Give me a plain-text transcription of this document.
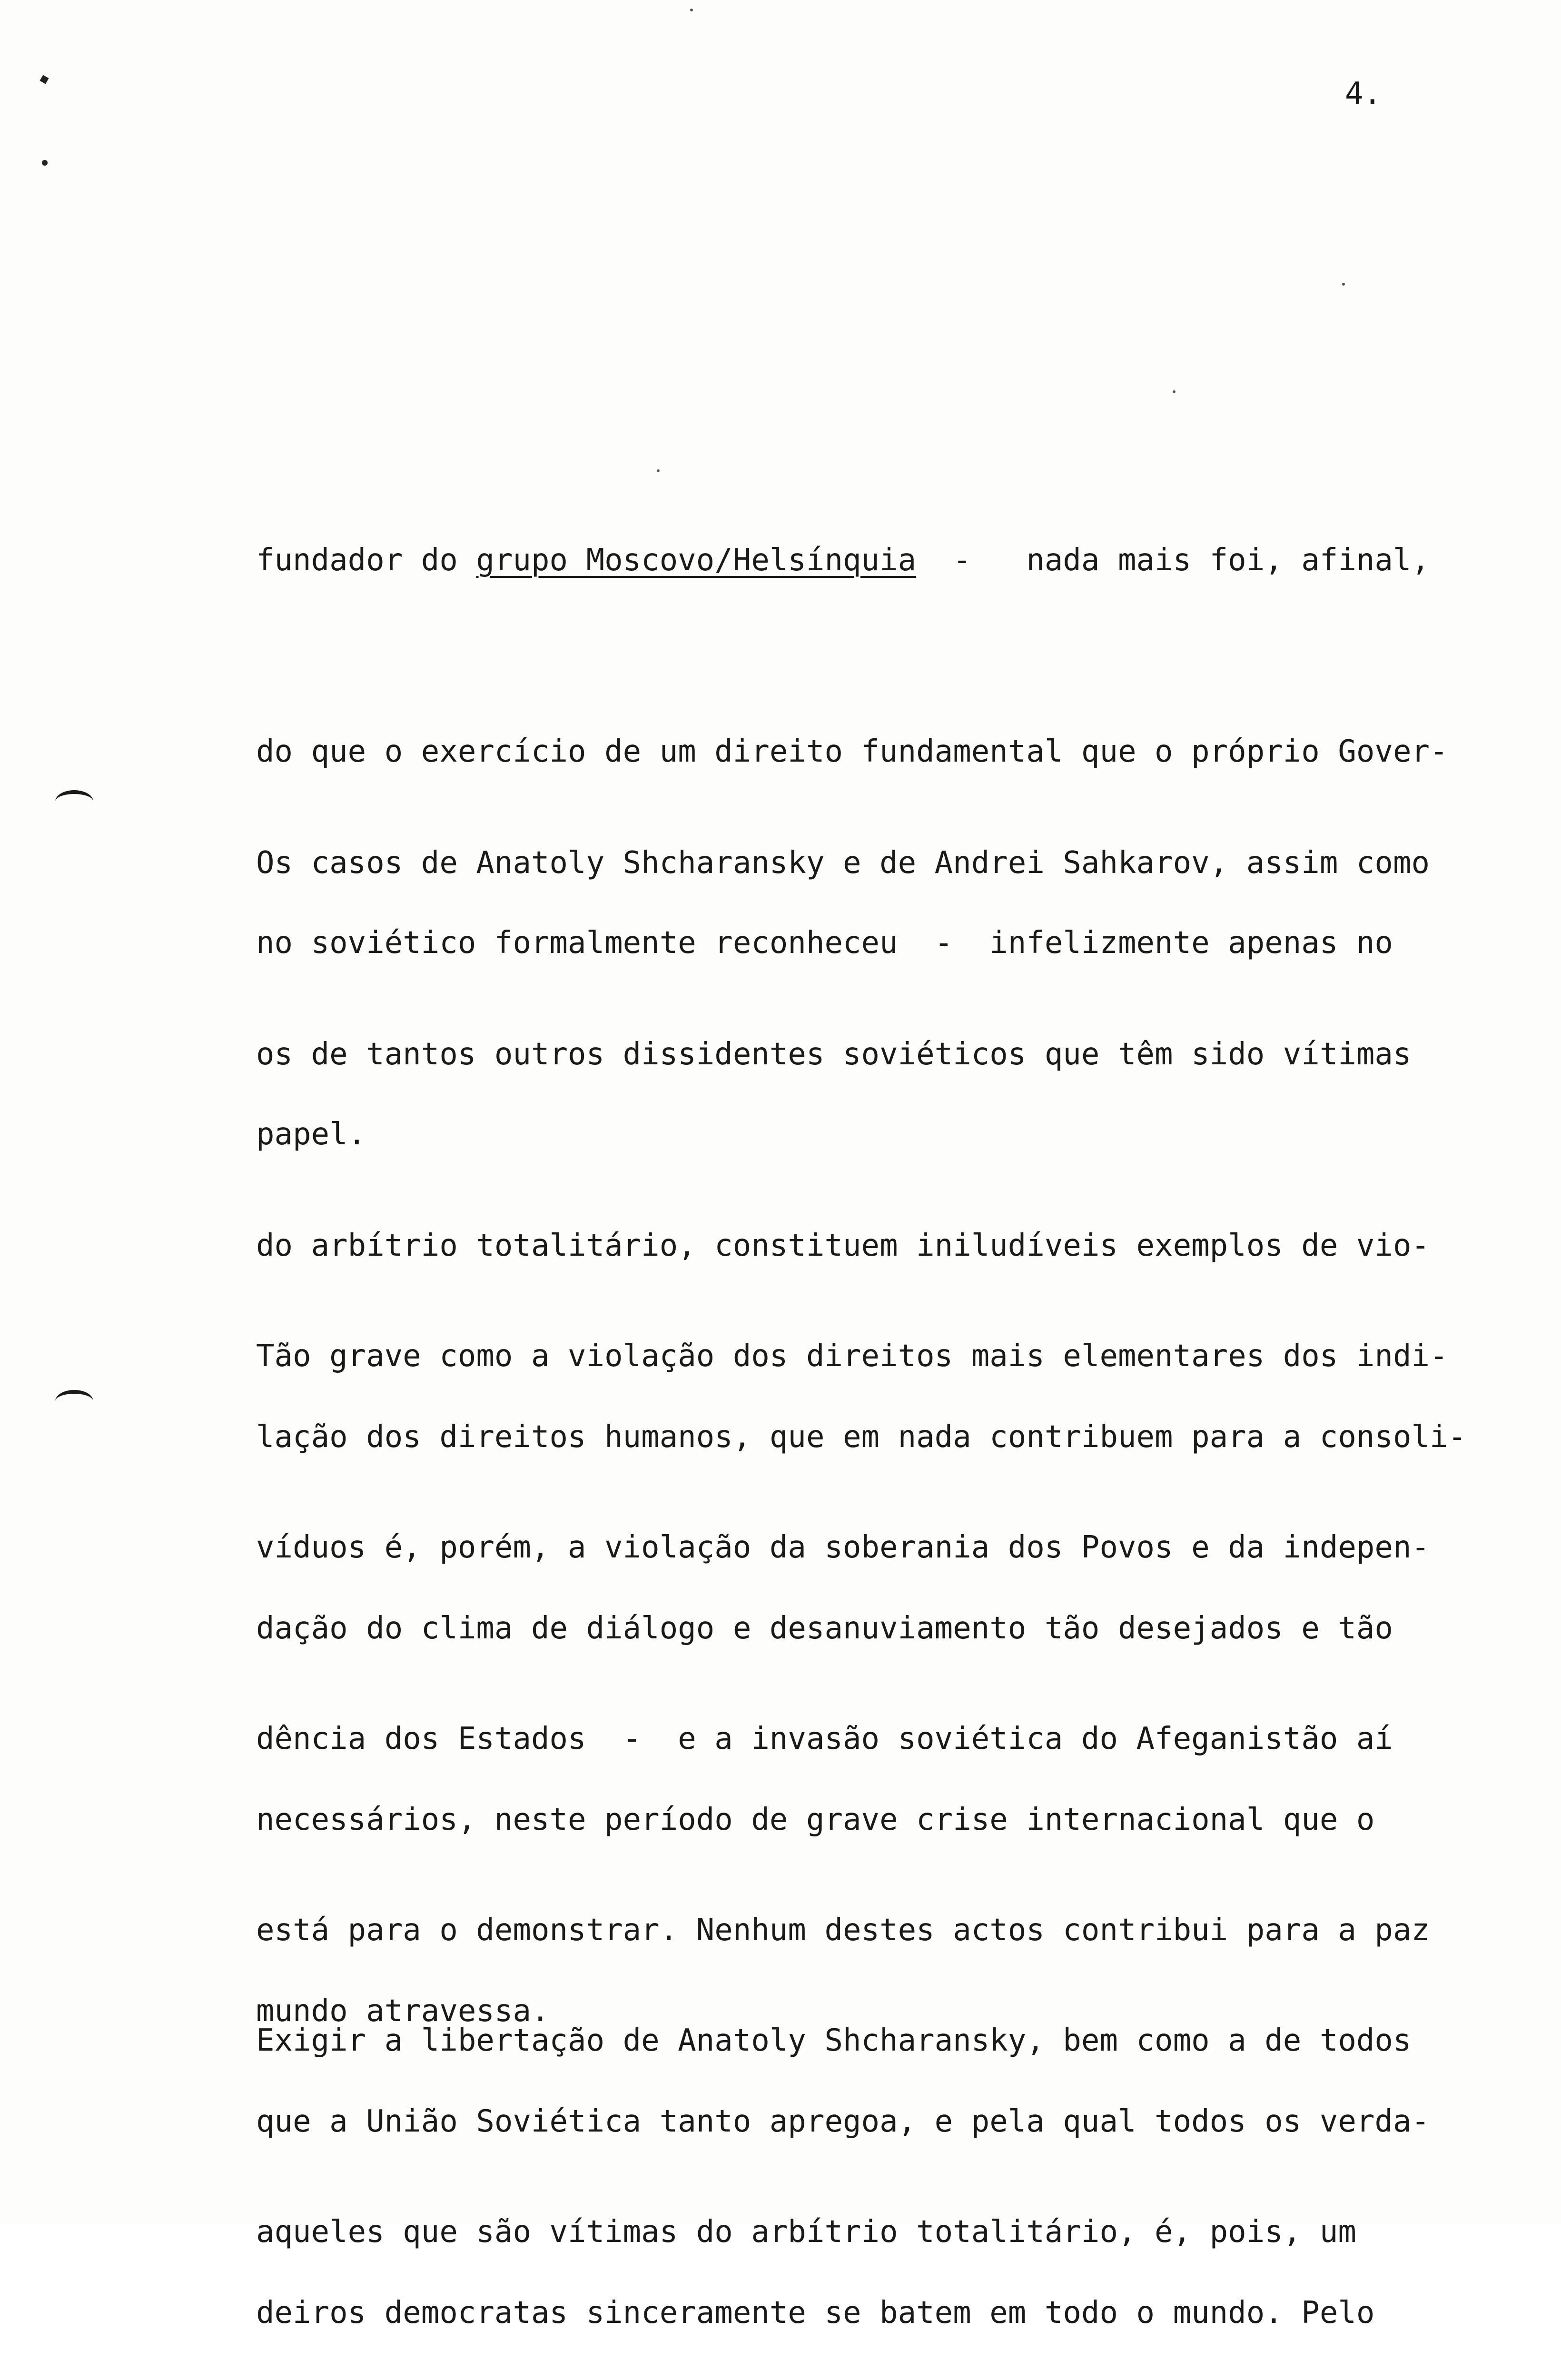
4.

fundador do grupo Moscovo/Helsínquia  -   nada mais foi, afinal,

do que o exercício de um direito fundamental que o próprio Gover-

no soviético formalmente reconheceu  -  infelizmente apenas no

papel.

Os casos de Anatoly Shcharansky e de Andrei Sahkarov, assim como

os de tantos outros dissidentes soviéticos que têm sido vítimas

do arbítrio totalitário, constituem iniludíveis exemplos de vio-

lação dos direitos humanos, que em nada contribuem para a consoli-

dação do clima de diálogo e desanuviamento tão desejados e tão

necessários, neste período de grave crise internacional que o

mundo atravessa.

Tão grave como a violação dos direitos mais elementares dos indi-

víduos é, porém, a violação da soberania dos Povos e da indepen-

dência dos Estados  -  e a invasão soviética do Afeganistão aí

está para o demonstrar. Nenhum destes actos contribui para a paz

que a União Soviética tanto apregoa, e pela qual todos os verda-

deiros democratas sinceramente se batem em todo o mundo. Pelo

Exigir a libertação de Anatoly Shcharansky, bem como a de todos

aqueles que são vítimas do arbítrio totalitário, é, pois, um
